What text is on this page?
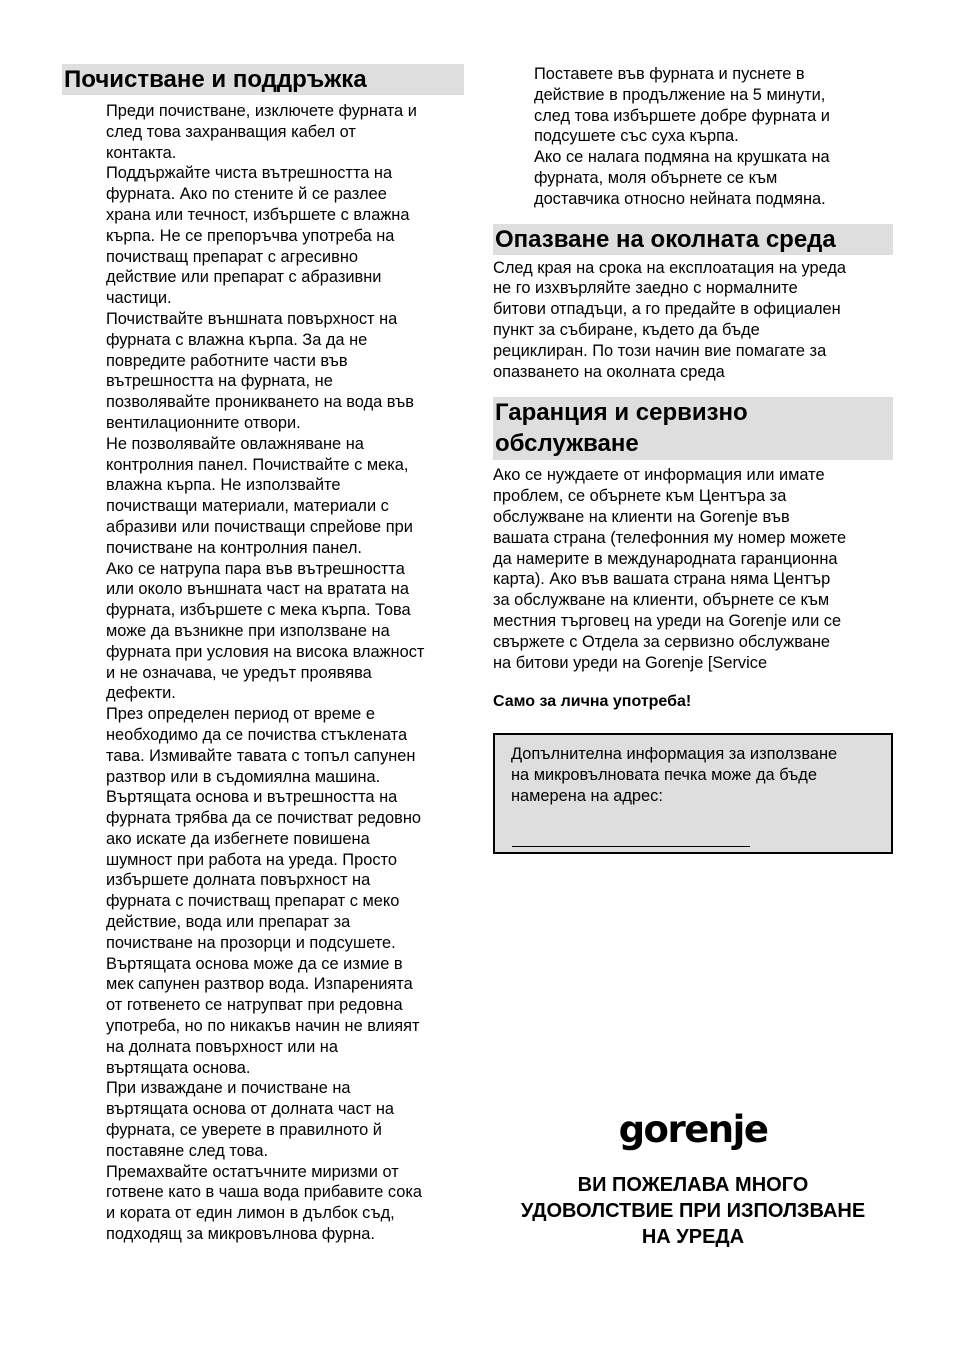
Почистване и поддръжка

Преди почистване, изключете фурната и
след това захранващия кабел от
контакта.
Поддържайте чиста вътрешността на
фурната. Ако по стените й се разлее
храна или течност, избършете с влажна
кърпа. Не се препоръчва употреба на
почистващ препарат с агресивно
действие или препарат с абразивни
частици.
Почиствайте външната повърхност на
фурната с влажна кърпа. За да не
повредите работните части във
вътрешността на фурната, не
позволявайте проникването на вода във
вентилационните отвори.
Не позволявайте овлажняване на
контролния панел. Почиствайте с мека,
влажна кърпа. Не използвайте
почистващи материали, материали с
абразиви или почистващи спрейове при
почистване на контролния панел.
Ако се натрупа пара във вътрешността
или около външната част на вратата на
фурната, избършете с мека кърпа. Това
може да възникне при използване на
фурната при условия на висока влажност
и не означава, че уредът проявява
дефекти.
През определен период от време е
необходимо да се почиства стъклената
тава. Измивайте тавата с топъл сапунен
разтвор или в съдомиялна машина.
Въртящата основа и вътрешността на
фурната трябва да се почистват редовно
ако искате да избегнете повишена
шумност при работа на уреда. Просто
избършете долната повърхност на
фурната с почистващ препарат с меко
действие, вода или препарат за
почистване на прозорци и подсушете.
Въртящата основа може да се измие в
мек сапунен разтвор вода. Изпаренията
от готвенето се натрупват при редовна
употреба, но по никакъв начин не влияят
на долната повърхност или на
въртящата основа.
При изваждане и почистване на
въртящата основа от долната част на
фурната, се уверете в правилното й
поставяне след това.
Премахвайте остатъчните миризми от
готвене като в чаша вода прибавите сока
и кората от един лимон в дълбок съд,
подходящ за микровълнова фурна.

Поставете във фурната и пуснете в
действие в продължение на 5 минути,
след това избършете добре фурната и
подсушете със суха кърпа.
Ако се налага подмяна на крушката на
фурната, моля обърнете се към
доставчика относно нейната подмяна.

Опазване на околната среда

След края на срока на експлоатация на уреда
не го изхвърляйте заедно с нормалните
битови отпадъци, а го предайте в официален
пункт за събиране, където да бъде
рециклиран. По този начин вие помагате за
опазването на околната среда

Гаранция и сервизно
обслужване

Ако се нуждаете от информация или имате
проблем, се обърнете към Центъра за
обслужване на клиенти на Gorenje във
вашата страна (телефонния му номер можете
да намерите в международната гаранционна
карта). Ако във вашата страна няма Център
за обслужване на клиенти, обърнете се към
местния търговец на уреди на Gorenje или се
свържете с Отдела за сервизно обслужване
на битови уреди на Gorenje [Service

Само за лична употреба!

Допълнителна информация за използване
на микровълновата печка може да бъде
намерена на адрес:

gorenje
ВИ ПОЖЕЛАВА МНОГО
УДОВОЛСТВИЕ ПРИ ИЗПОЛЗВАНЕ
НА УРЕДА
